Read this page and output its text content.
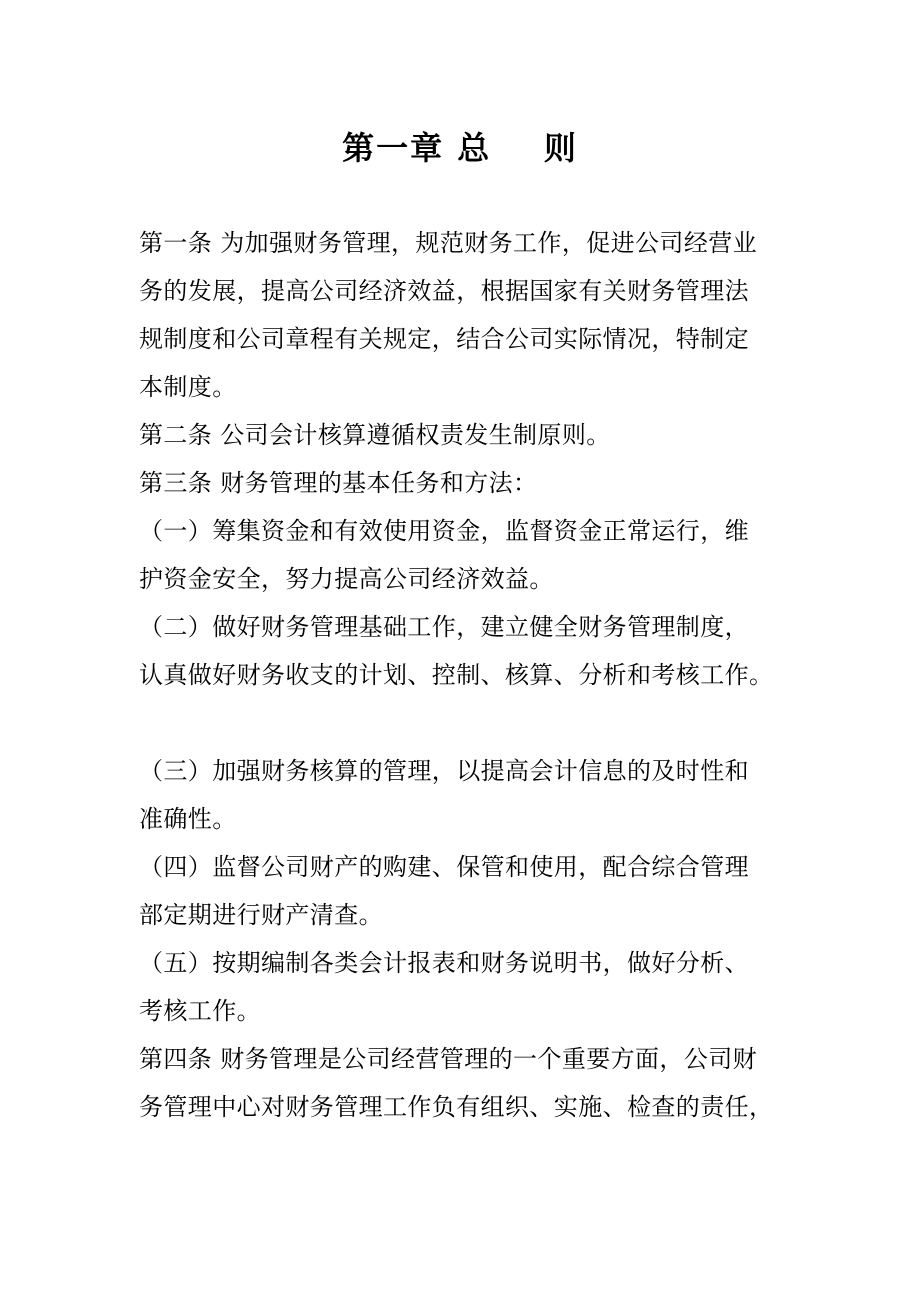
第一章 总    则
第一条 为加强财务管理，规范财务工作，促进公司经营业
务的发展，提高公司经济效益，根据国家有关财务管理法
规制度和公司章程有关规定，结合公司实际情况，特制定
本制度。
第二条 公司会计核算遵循权责发生制原则。
第三条 财务管理的基本任务和方法：
（一）筹集资金和有效使用资金，监督资金正常运行，维
护资金安全，努力提高公司经济效益。
（二）做好财务管理基础工作，建立健全财务管理制度，
认真做好财务收支的计划、控制、核算、分析和考核工作。
（三）加强财务核算的管理，以提高会计信息的及时性和
准确性。
（四）监督公司财产的购建、保管和使用，配合综合管理
部定期进行财产清查。
（五）按期编制各类会计报表和财务说明书，做好分析、
考核工作。
第四条 财务管理是公司经营管理的一个重要方面，公司财
务管理中心对财务管理工作负有组织、实施、检查的责任，
